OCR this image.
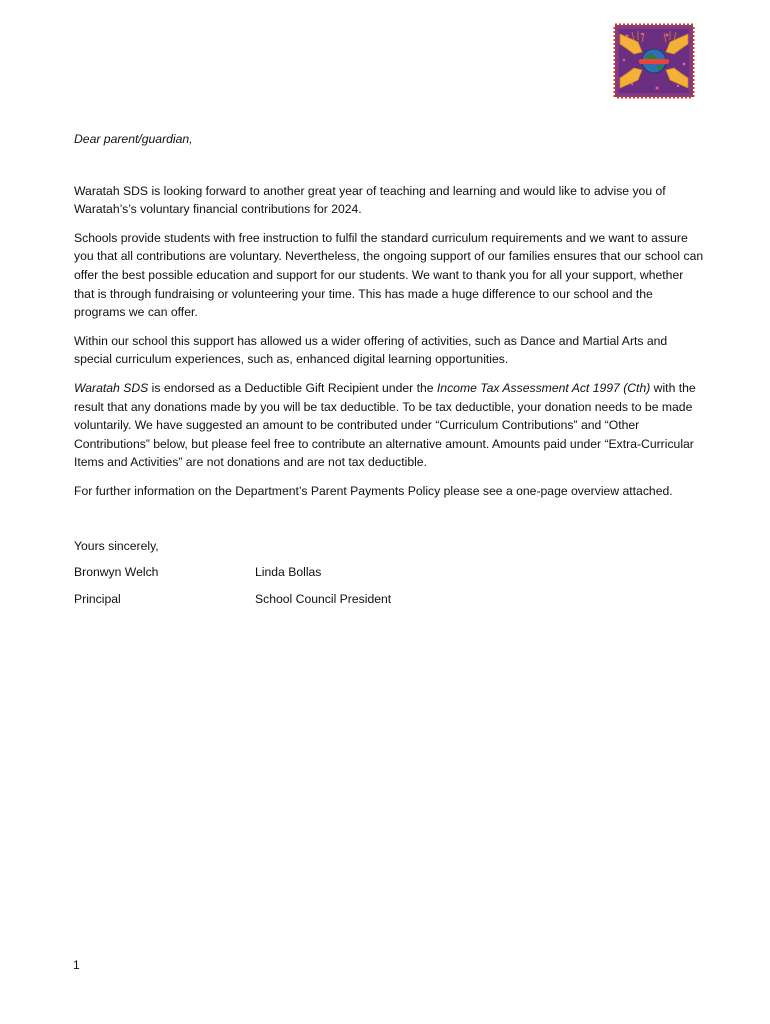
Dear parent/guardian,

Waratah SDS is looking forward to another great year of teaching and learning and would like to advise you of Waratah’s’s voluntary financial contributions for 2024.

Schools provide students with free instruction to fulfil the standard curriculum requirements and we want to assure you that all contributions are voluntary. Nevertheless, the ongoing support of our families ensures that our school can offer the best possible education and support for our students. We want to thank you for all your support, whether that is through fundraising or volunteering your time. This has made a huge difference to our school and the programs we can offer.

Within our school this support has allowed us a wider offering of activities, such as Dance and Martial Arts and special curriculum experiences, such as, enhanced digital learning opportunities.

Waratah SDS is endorsed as a Deductible Gift Recipient under the Income Tax Assessment Act 1997 (Cth) with the result that any donations made by you will be tax deductible. To be tax deductible, your donation needs to be made voluntarily. We have suggested an amount to be contributed under “Curriculum Contributions” and “Other Contributions” below, but please feel free to contribute an alternative amount. Amounts paid under “Extra-Curricular Items and Activities” are not donations and are not tax deductible.

For further information on the Department’s Parent Payments Policy please see a one-page overview attached.

Yours sincerely,
Bronwyn Welch	Linda Bollas
Principal	School Council President
1
